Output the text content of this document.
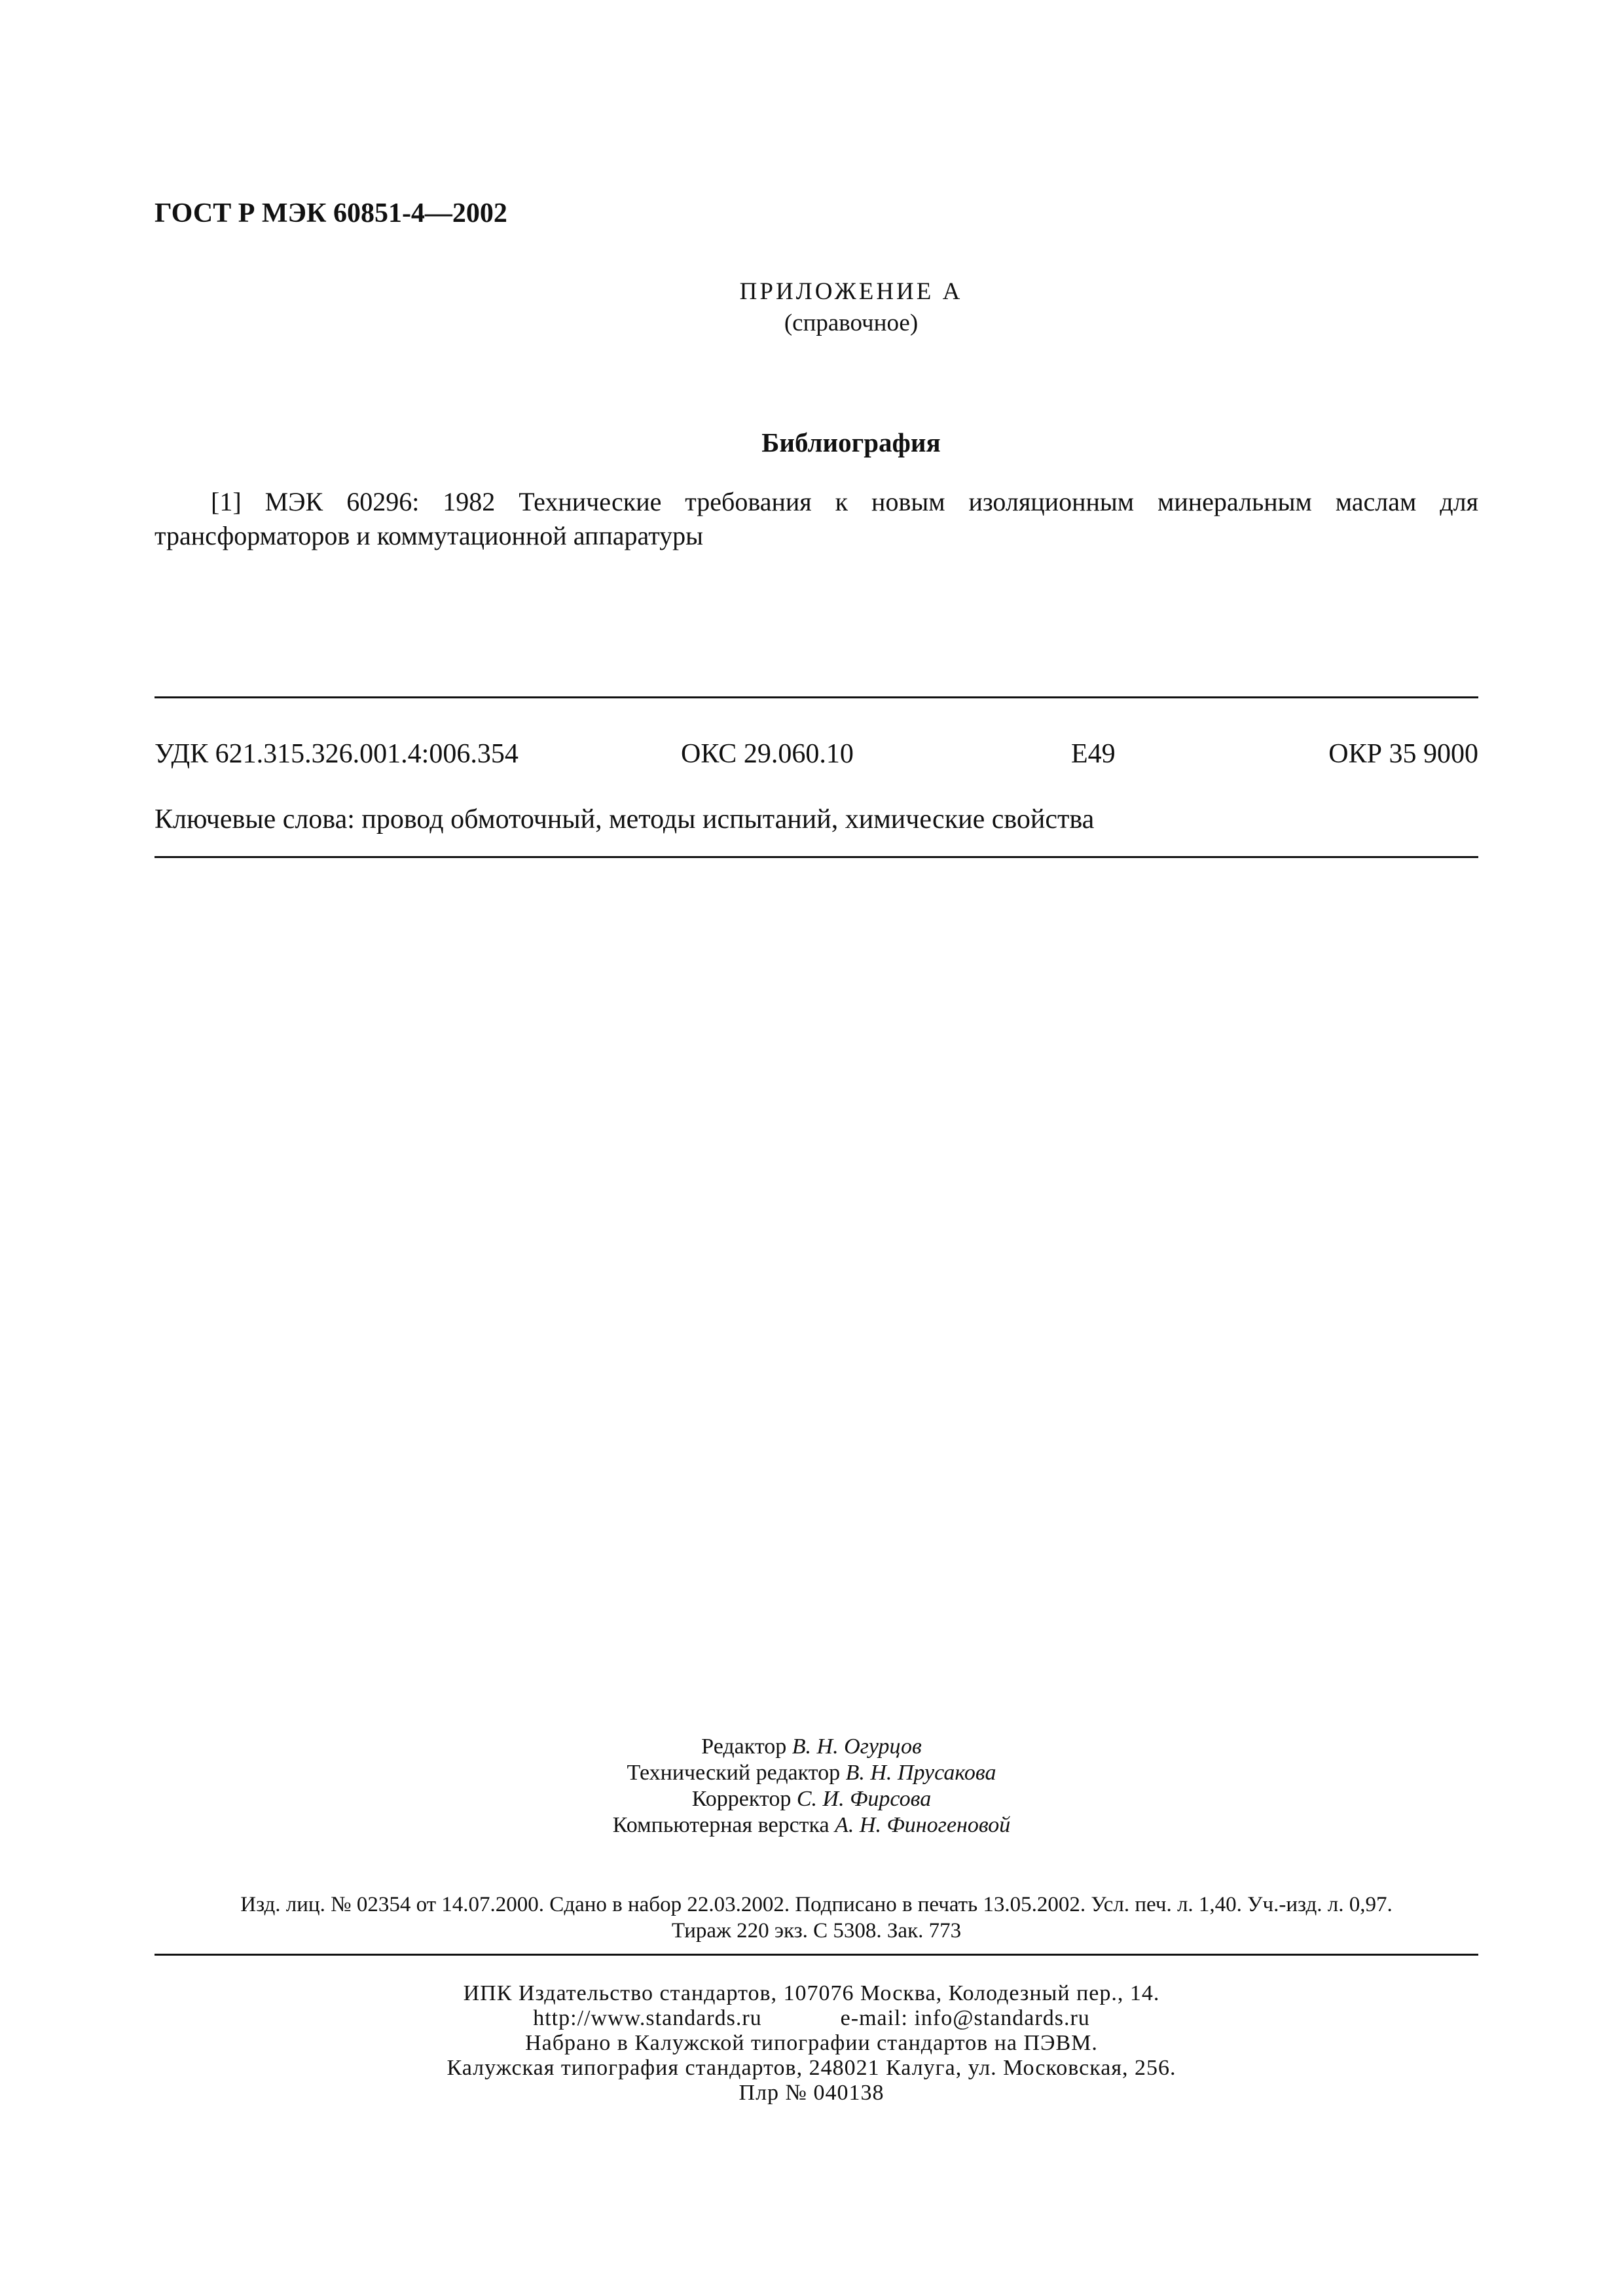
ГОСТ Р МЭК 60851-4—2002
ПРИЛОЖЕНИЕ А
(справочное)
Библиография
[1] МЭК 60296: 1982 Технические требования к новым изоляционным минеральным маслам для трансформаторов и коммутационной аппаратуры
УДК 621.315.326.001.4:006.354	ОКС 29.060.10	Е49	ОКР 35 9000
Ключевые слова: провод обмоточный, методы испытаний, химические свойства
Редактор В. Н. Огурцов
Технический редактор В. Н. Прусакова
Корректор С. И. Фирсова
Компьютерная верстка А. Н. Финогеновой
Изд. лиц. № 02354 от 14.07.2000. Сдано в набор 22.03.2002. Подписано в печать 13.05.2002. Усл. печ. л. 1,40. Уч.-изд. л. 0,97.
Тираж 220 экз. С 5308. Зак. 773
ИПК Издательство стандартов, 107076 Москва, Колодезный пер., 14.
http://www.standards.ru	e-mail: info@standards.ru
Набрано в Калужской типографии стандартов на ПЭВМ.
Калужская типография стандартов, 248021 Калуга, ул. Московская, 256.
Плр № 040138
